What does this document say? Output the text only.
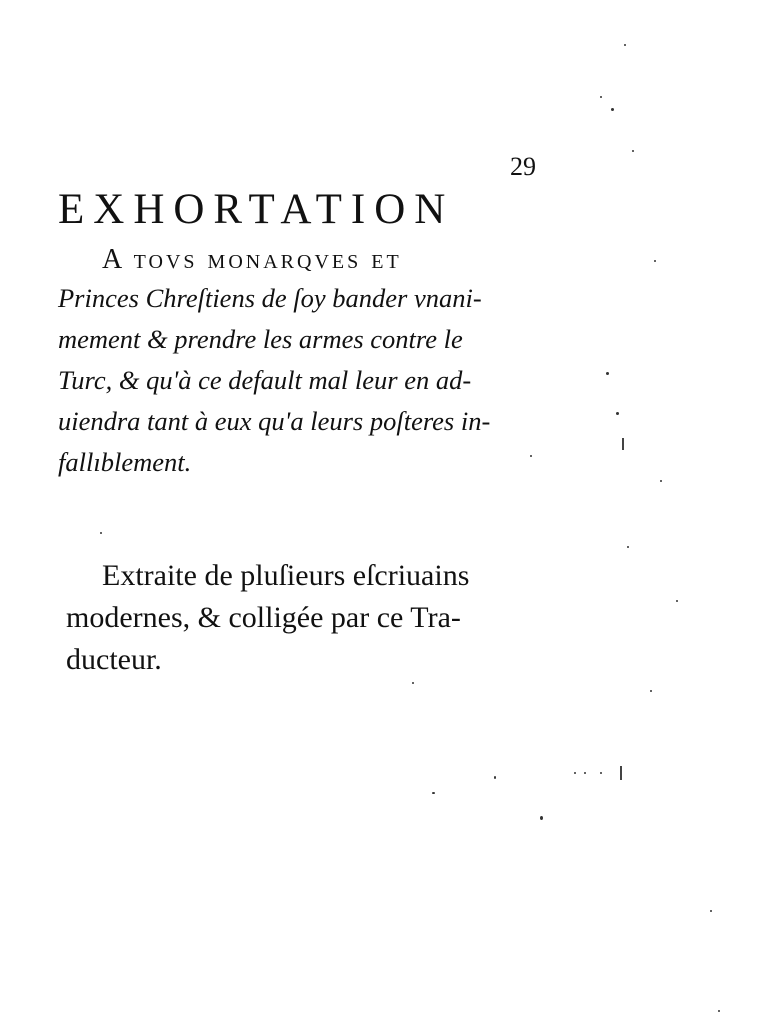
29
EXHORTATION

A tovs monarqves et

Princes Chreſtiens de ſoy bander vnani-

mement & prendre les armes contre le

Turc, & qu'à ce default mal leur en ad-

uiendra tant à eux qu'a leurs poſteres in-

fallıblement.

Extraite de pluſieurs eſcriuains

modernes, & colligée par ce Tra-

ducteur.
